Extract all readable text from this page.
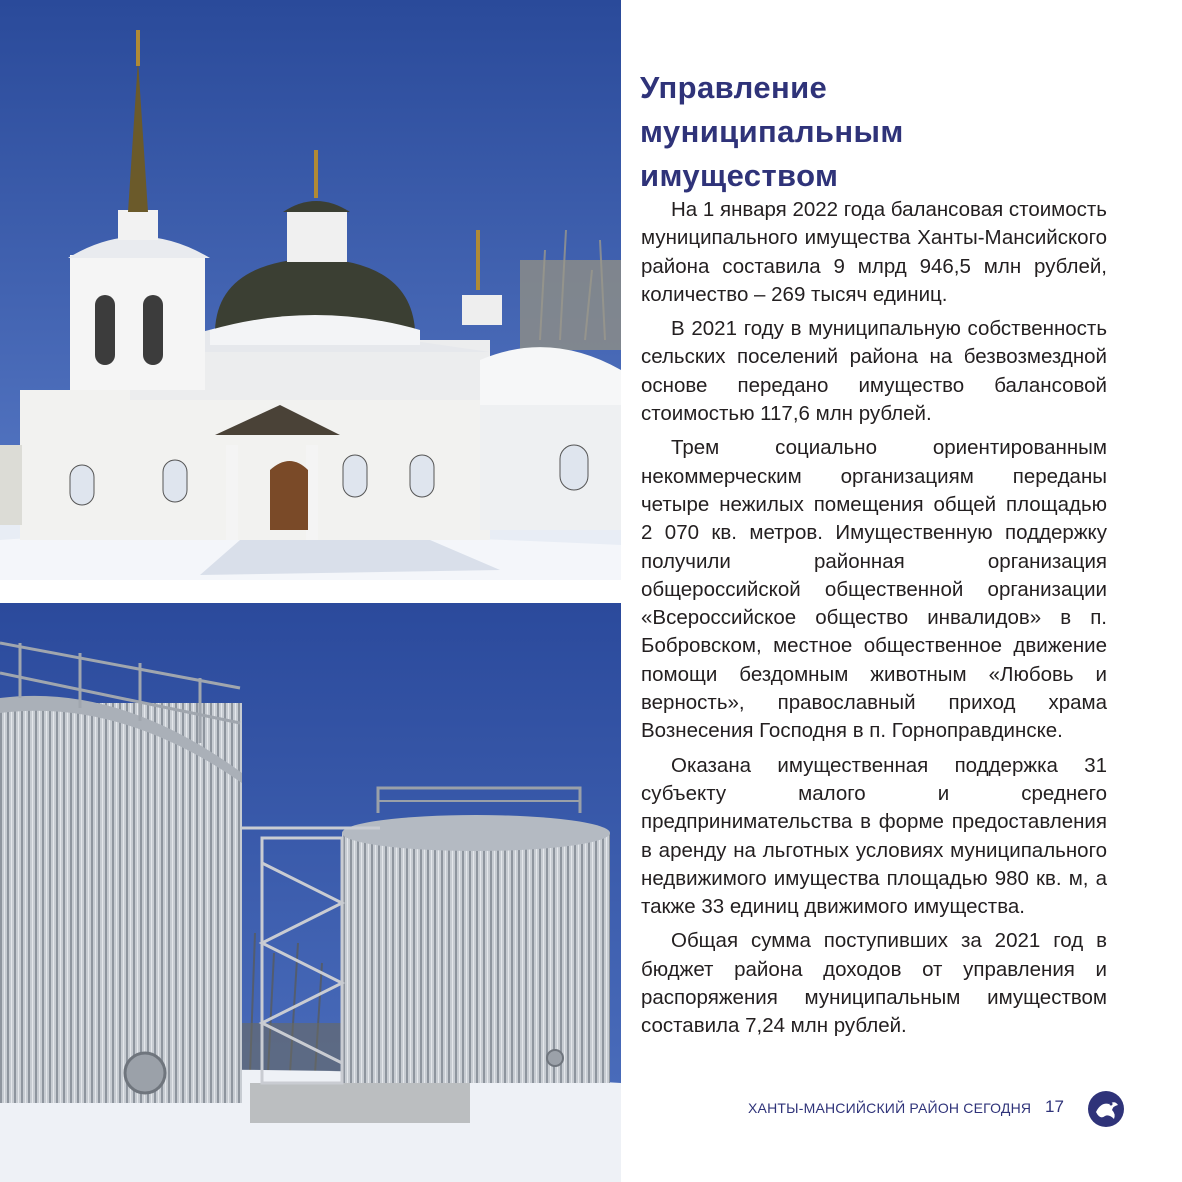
Управление
муниципальным
имуществом

На 1 января 2022 года балансовая стоимость муниципального имущества Ханты-Мансийского района составила 9 млрд 946,5 млн рублей, количество – 269 тысяч единиц.

В 2021 году в муниципальную собственность сельских поселений района на безвозмездной основе передано имущество балансовой стоимостью 117,6 млн рублей.

Трем социально ориентированным некоммерческим организациям переданы четыре нежилых помещения общей площадью 2 070 кв. метров. Имущественную поддержку получили районная организация общероссийской общественной организации «Всероссийское общество инвалидов» в п. Бобровском, местное общественное движение помощи бездомным животным «Любовь и верность», православный приход храма Вознесения Господня в п. Горноправдинске.

Оказана имущественная поддержка 31 субъекту малого и среднего предпринимательства в форме предоставления в аренду на льготных условиях муниципального недвижимого имущества площадью 980 кв. м, а также 33 единиц движимого имущества.

Общая сумма поступивших за 2021 год в бюджет района доходов от управления и распоряжения муниципальным имуществом составила 7,24 млн рублей.

ХАНТЫ-МАНСИЙСКИЙ РАЙОН СЕГОДНЯ 17
